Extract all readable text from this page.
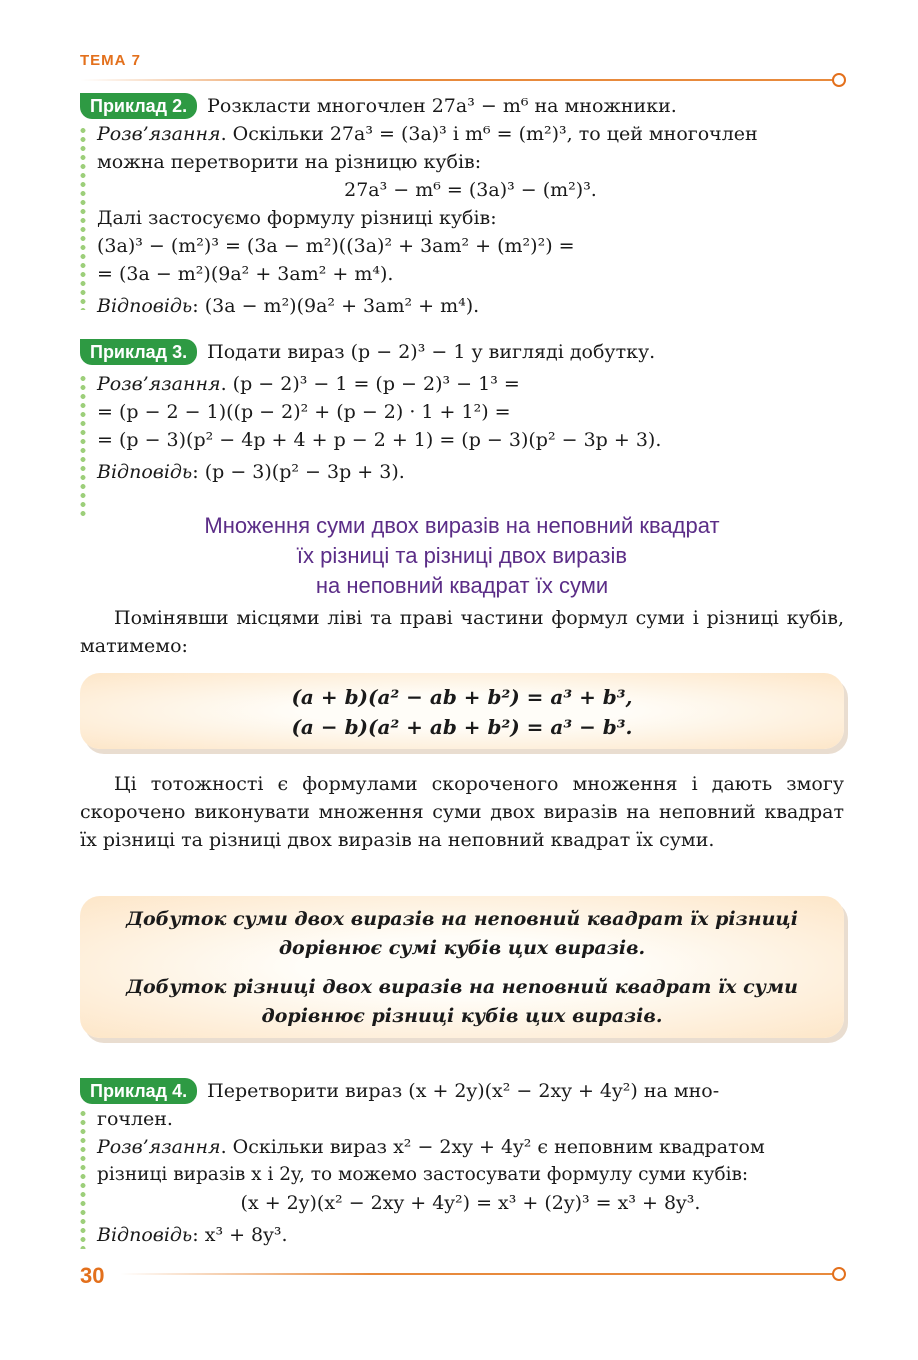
ТЕМА 7
Приклад 2. Розкласти многочлен 27a³ − m⁶ на множники.
Розв’язання. Оскільки 27a³ = (3a)³ і m⁶ = (m²)³, то цей многочлен
можна перетворити на різницю кубів:
27a³ − m⁶ = (3a)³ − (m²)³.
Далі застосуємо формулу різниці кубів:
(3a)³ − (m²)³ = (3a − m²)((3a)² + 3am² + (m²)²) =
= (3a − m²)(9a² + 3am² + m⁴).
Відповідь: (3a − m²)(9a² + 3am² + m⁴).
Приклад 3. Подати вираз (p − 2)³ − 1 у вигляді добутку.
Розв’язання. (p − 2)³ − 1 = (p − 2)³ − 1³ =
= (p − 2 − 1)((p − 2)² + (p − 2) · 1 + 1²) =
= (p − 3)(p² − 4p + 4 + p − 2 + 1) = (p − 3)(p² − 3p + 3).
Відповідь: (p − 3)(p² − 3p + 3).
Множення суми двох виразів на неповний квадрат
їх різниці та різниці двох виразів
на неповний квадрат їх суми
Помінявши місцями ліві та праві частини формул суми і різниці кубів, матимемо:
(a + b)(a² − ab + b²) = a³ + b³,
(a − b)(a² + ab + b²) = a³ − b³.
Ці тотожності є формулами скороченого множення і дають змогу скорочено виконувати множення суми двох виразів на неповний квадрат їх різниці та різниці двох виразів на неповний квадрат їх суми.
Добуток суми двох виразів на неповний квадрат їх різниці дорівнює сумі кубів цих виразів.
Добуток різниці двох виразів на неповний квадрат їх суми дорівнює різниці кубів цих виразів.
Приклад 4. Перетворити вираз (x + 2y)(x² − 2xy + 4y²) на мно-
гочлен.
Розв’язання. Оскільки вираз x² − 2xy + 4y² є неповним квадратом
різниці виразів x і 2y, то можемо застосувати формулу суми кубів:
(x + 2y)(x² − 2xy + 4y²) = x³ + (2y)³ = x³ + 8y³.
Відповідь: x³ + 8y³.
30
